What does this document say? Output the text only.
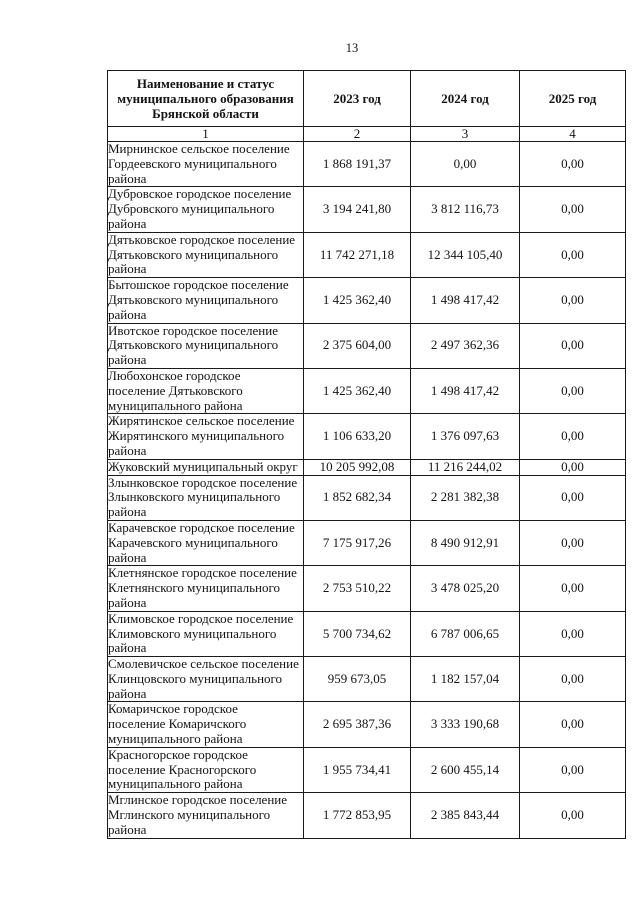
13
Наименование и статус
муниципального образования
Брянской области	2023 год	2024 год	2025 год
1	2	3	4
Мирнинское сельское поселение
Гордеевского муниципального
района	1 868 191,37	0,00	0,00
Дубровское городское поселение
Дубровского муниципального
района	3 194 241,80	3 812 116,73	0,00
Дятьковское городское поселение
Дятьковского муниципального
района	11 742 271,18	12 344 105,40	0,00
Бытошское городское поселение
Дятьковского муниципального
района	1 425 362,40	1 498 417,42	0,00
Ивотское городское поселение
Дятьковского муниципального
района	2 375 604,00	2 497 362,36	0,00
Любохонское городское
поселение Дятьковского
муниципального района	1 425 362,40	1 498 417,42	0,00
Жирятинское сельское поселение
Жирятинского муниципального
района	1 106 633,20	1 376 097,63	0,00
Жуковский муниципальный округ	10 205 992,08	11 216 244,02	0,00
Злынковское городское поселение
Злынковского муниципального
района	1 852 682,34	2 281 382,38	0,00
Карачевское городское поселение
Карачевского муниципального
района	7 175 917,26	8 490 912,91	0,00
Клетнянское городское поселение
Клетнянского муниципального
района	2 753 510,22	3 478 025,20	0,00
Климовское городское поселение
Климовского муниципального
района	5 700 734,62	6 787 006,65	0,00
Смолевичское сельское поселение
Клинцовского муниципального
района	959 673,05	1 182 157,04	0,00
Комаричское городское
поселение Комаричского
муниципального района	2 695 387,36	3 333 190,68	0,00
Красногорское городское
поселение Красногорского
муниципального района	1 955 734,41	2 600 455,14	0,00
Мглинское городское поселение
Мглинского муниципального
района	1 772 853,95	2 385 843,44	0,00
